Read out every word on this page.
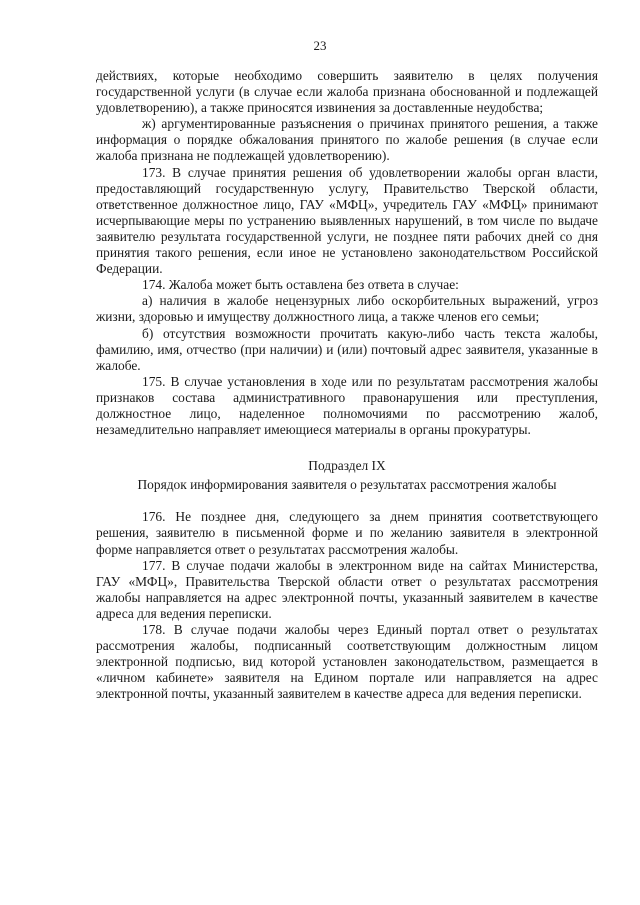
23

действиях, которые необходимо совершить заявителю в целях получения государственной услуги (в случае если жалоба признана обоснованной и подлежащей удовлетворению), а также приносятся извинения за доставленные неудобства;

ж) аргументированные разъяснения о причинах принятого решения, а также информация о порядке обжалования принятого по жалобе решения (в случае если жалоба признана не подлежащей удовлетворению).

173. В случае принятия решения об удовлетворении жалобы орган власти, предоставляющий государственную услугу, Правительство Тверской области, ответственное должностное лицо, ГАУ «МФЦ», учредитель ГАУ «МФЦ» принимают исчерпывающие меры по устранению выявленных нарушений, в том числе по выдаче заявителю результата государственной услуги, не позднее пяти рабочих дней со дня принятия такого решения, если иное не установлено законодательством Российской Федерации.

174. Жалоба может быть оставлена без ответа в случае:

а) наличия в жалобе нецензурных либо оскорбительных выражений, угроз жизни, здоровью и имуществу должностного лица, а также членов его семьи;

б) отсутствия возможности прочитать какую-либо часть текста жалобы, фамилию, имя, отчество (при наличии) и (или) почтовый адрес заявителя, указанные в жалобе.

175. В случае установления в ходе или по результатам рассмотрения жалобы признаков состава административного правонарушения или преступления, должностное лицо, наделенное полномочиями по рассмотрению жалоб, незамедлительно направляет имеющиеся материалы в органы прокуратуры.

Подраздел IX

Порядок информирования заявителя о результатах рассмотрения жалобы

176. Не позднее дня, следующего за днем принятия соответствующего решения, заявителю в письменной форме и по желанию заявителя в электронной форме направляется ответ о результатах рассмотрения жалобы.

177. В случае подачи жалобы в электронном виде на сайтах Министерства, ГАУ «МФЦ», Правительства Тверской области ответ о результатах рассмотрения жалобы направляется на адрес электронной почты, указанный заявителем в качестве адреса для ведения переписки.

178. В случае подачи жалобы через Единый портал ответ о результатах рассмотрения жалобы, подписанный соответствующим должностным лицом электронной подписью, вид которой установлен законодательством, размещается в «личном кабинете» заявителя на Едином портале или направляется на адрес электронной почты, указанный заявителем в качестве адреса для ведения переписки.
